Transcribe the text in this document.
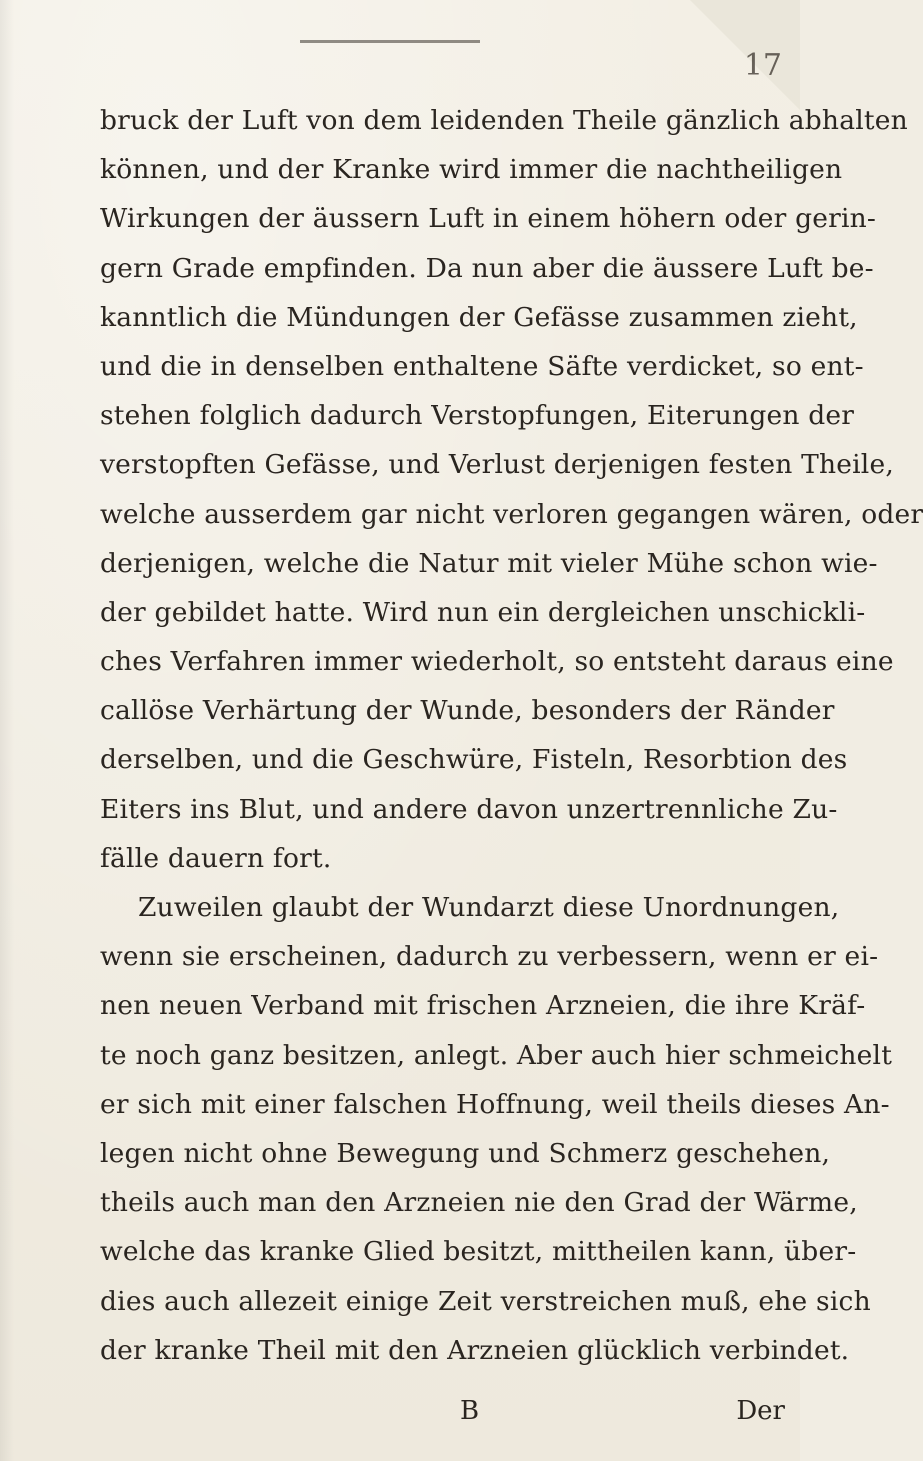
17
bruck der Luft von dem leidenden Theile gänzlich abhalten
können, und der Kranke wird immer die nachtheiligen
Wirkungen der äussern Luft in einem höhern oder gerin-
gern Grade empfinden. Da nun aber die äussere Luft be-
kanntlich die Mündungen der Gefässe zusammen zieht,
und die in denselben enthaltene Säfte verdicket, so ent-
stehen folglich dadurch Verstopfungen, Eiterungen der
verstopften Gefässe, und Verlust derjenigen festen Theile,
welche ausserdem gar nicht verloren gegangen wären, oder
derjenigen, welche die Natur mit vieler Mühe schon wie-
der gebildet hatte. Wird nun ein dergleichen unschickli-
ches Verfahren immer wiederholt, so entsteht daraus eine
callöse Verhärtung der Wunde, besonders der Ränder
derselben, und die Geschwüre, Fisteln, Resorbtion des
Eiters ins Blut, und andere davon unzertrennliche Zu-
fälle dauern fort.
Zuweilen glaubt der Wundarzt diese Unordnungen,
wenn sie erscheinen, dadurch zu verbessern, wenn er ei-
nen neuen Verband mit frischen Arzneien, die ihre Kräf-
te noch ganz besitzen, anlegt. Aber auch hier schmeichelt
er sich mit einer falschen Hoffnung, weil theils dieses An-
legen nicht ohne Bewegung und Schmerz geschehen,
theils auch man den Arzneien nie den Grad der Wärme,
welche das kranke Glied besitzt, mittheilen kann, über-
dies auch allezeit einige Zeit verstreichen muß, ehe sich
der kranke Theil mit den Arzneien glücklich verbindet.
B	Der
